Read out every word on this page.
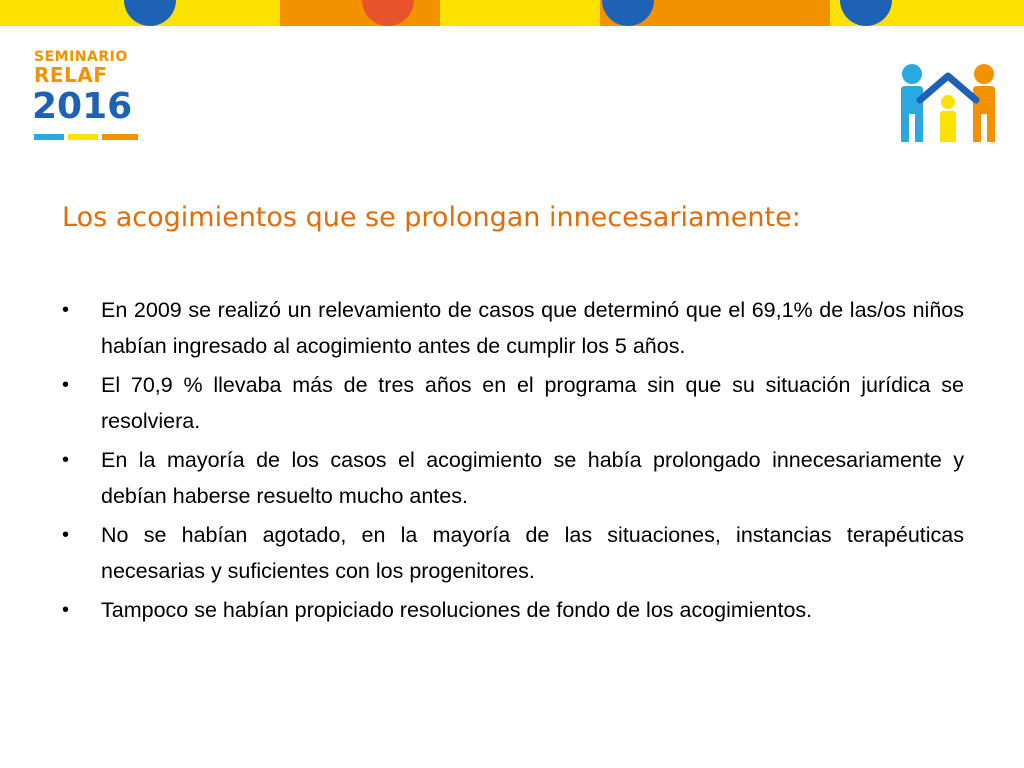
SEMINARIO
RELAF
2016
Los acogimientos que se prolongan innecesariamente:
•	En 2009 se realizó un relevamiento de casos que determinó que el 69,1% de las/os niños habían ingresado al acogimiento antes de cumplir los 5 años.
•	El 70,9 % llevaba más de tres años en el programa sin que su situación jurídica se resolviera.
•	En la mayoría de los casos el acogimiento se había prolongado innecesariamente y debían haberse resuelto mucho antes.
•	No se habían agotado, en la mayoría de las situaciones, instancias terapéuticas necesarias y suficientes con los progenitores.
•	Tampoco se habían propiciado resoluciones de fondo de los acogimientos.
